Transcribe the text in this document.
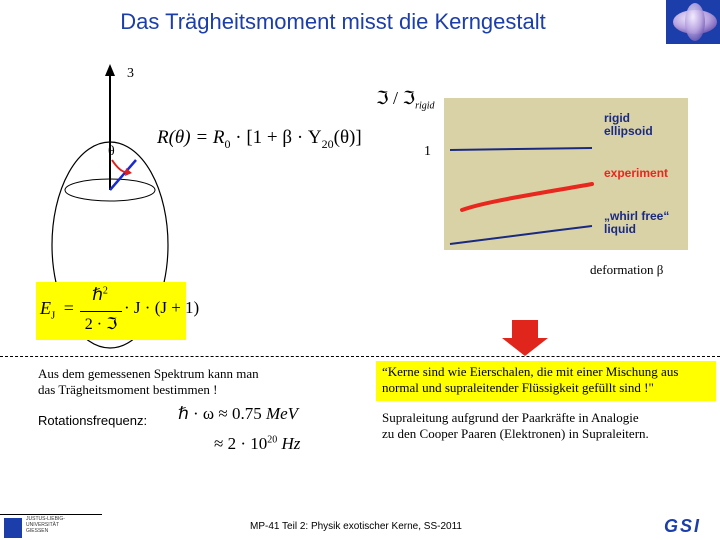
Das Trägheitsmoment misst die Kerngestalt
3
θ
$R(\theta) = R_0 \cdot [1 + \beta \cdot Y_{20}(\theta)]$
$E_J$ =
ℏ$^2$
2 · ℑ
· J · (J + 1)
ℑ / ℑ$_{rigid}$
1
rigid
ellipsoid
experiment
„whirl free“
liquid
deformation β
Aus dem gemessenen Spektrum kann man
das Trägheitsmoment bestimmen !
Rotationsfrequenz: ℏ · ω ≈ 0.75 MeV
≈ $2 \cdot 10^{20}$ Hz
“Kerne sind wie Eierschalen, die mit einer Mischung aus
normal und supraleitender Flüssigkeit gefüllt sind !"
Supraleitung aufgrund der Paarkräfte in Analogie
zu den Cooper Paaren (Elektronen) in Supraleitern.
JUSTUS-LIEBIG-
UNIVERSITÄT
GIESSEN	MP-41 Teil 2: Physik exotischer Kerne, SS-2011	GSI
